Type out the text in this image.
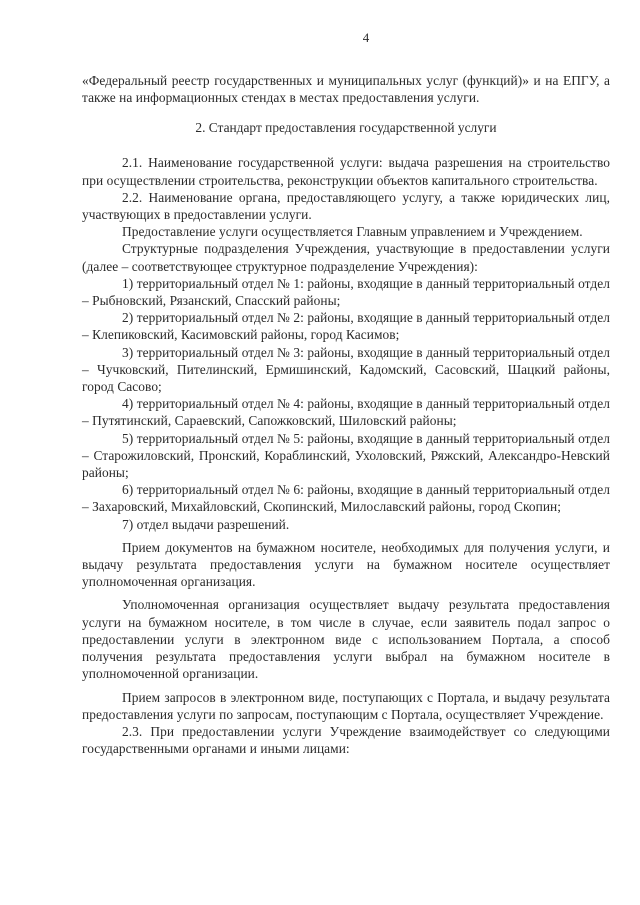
4

«Федеральный реестр государственных и муниципальных услуг (функций)» и на ЕПГУ, а также на информационных стендах в местах предоставления услуги.

2. Стандарт предоставления государственной услуги

2.1. Наименование государственной услуги: выдача разрешения на строительство при осуществлении строительства, реконструкции объектов капитального строительства.

2.2. Наименование органа, предоставляющего услугу, а также юридических лиц, участвующих в предоставлении услуги.

Предоставление услуги осуществляется Главным управлением и Учреждением.

Структурные подразделения Учреждения, участвующие в предоставлении услуги (далее – соответствующее структурное подразделение Учреждения):

1) территориальный отдел № 1: районы, входящие в данный территориальный отдел – Рыбновский, Рязанский, Спасский районы;

2) территориальный отдел № 2: районы, входящие в данный территориальный отдел – Клепиковский, Касимовский районы, город Касимов;

3) территориальный отдел № 3: районы, входящие в данный территориальный отдел – Чучковский, Пителинский, Ермишинский, Кадомский, Сасовский, Шацкий районы, город Сасово;

4) территориальный отдел № 4: районы, входящие в данный территориальный отдел – Путятинский, Сараевский, Сапожковский, Шиловский районы;

5) территориальный отдел № 5: районы, входящие в данный территориальный отдел – Старожиловский, Пронский, Кораблинский, Ухоловский, Ряжский, Александро-Невский районы;

6) территориальный отдел № 6: районы, входящие в данный территориальный отдел – Захаровский, Михайловский, Скопинский, Милославский районы, город Скопин;

7) отдел выдачи разрешений.

Прием документов на бумажном носителе, необходимых для получения услуги, и выдачу результата предоставления услуги на бумажном носителе осуществляет уполномоченная организация.

Уполномоченная организация осуществляет выдачу результата предоставления услуги на бумажном носителе, в том числе в случае, если заявитель подал запрос о предоставлении услуги в электронном виде с использованием Портала, а способ получения результата предоставления услуги выбрал на бумажном носителе в уполномоченной организации.

Прием запросов в электронном виде, поступающих с Портала, и выдачу результата предоставления услуги по запросам, поступающим с Портала, осуществляет Учреждение.

2.3. При предоставлении услуги Учреждение взаимодействует со следующими государственными органами и иными лицами:
